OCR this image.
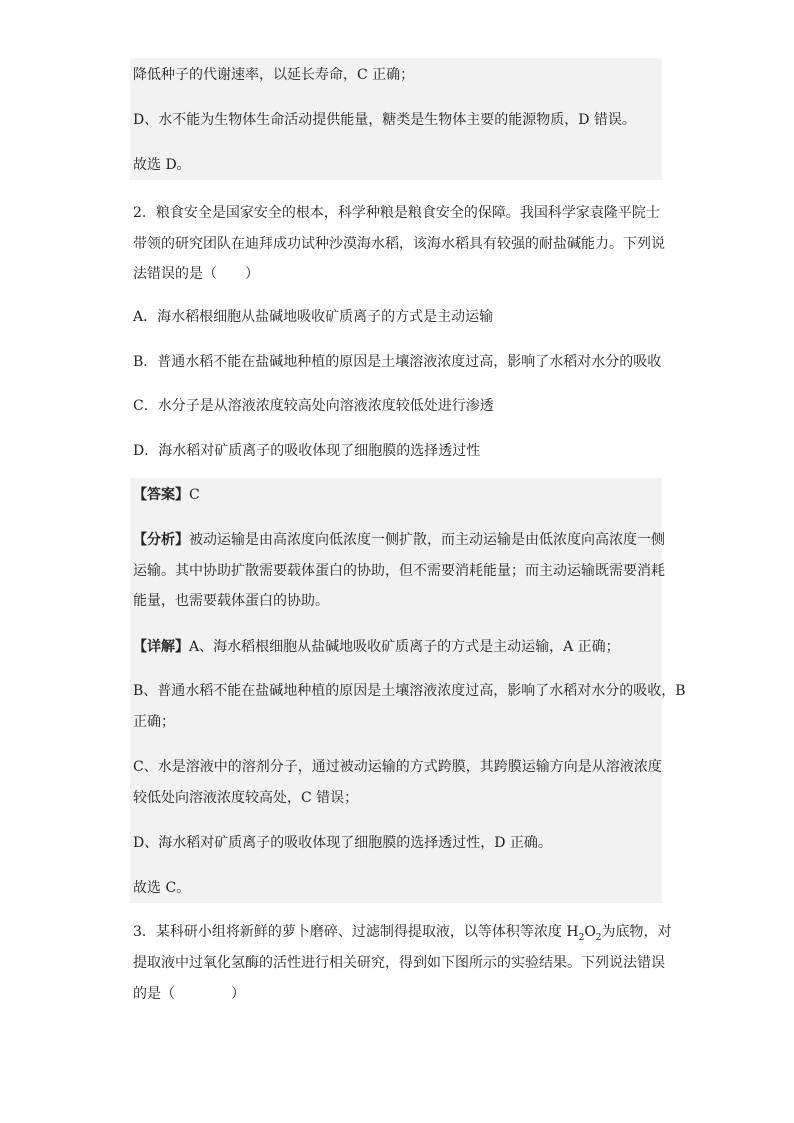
降低种子的代谢速率，以延长寿命，C 正确；
D、水不能为生物体生命活动提供能量，糖类是生物体主要的能源物质，D 错误。
故选 D。
2．粮食安全是国家安全的根本，科学种粮是粮食安全的保障。我国科学家袁隆平院士
带领的研究团队在迪拜成功试种沙漠海水稻，该海水稻具有较强的耐盐碱能力。下列说
法错误的是（　　）
A．海水稻根细胞从盐碱地吸收矿质离子的方式是主动运输
B．普通水稻不能在盐碱地种植的原因是土壤溶液浓度过高，影响了水稻对水分的吸收
C．水分子是从溶液浓度较高处向溶液浓度较低处进行渗透
D．海水稻对矿质离子的吸收体现了细胞膜的选择透过性
【答案】C
【分析】被动运输是由高浓度向低浓度一侧扩散，而主动运输是由低浓度向高浓度一侧
运输。其中协助扩散需要载体蛋白的协助，但不需要消耗能量；而主动运输既需要消耗
能量，也需要载体蛋白的协助。
【详解】A、海水稻根细胞从盐碱地吸收矿质离子的方式是主动运输，A 正确；
B、普通水稻不能在盐碱地种植的原因是土壤溶液浓度过高，影响了水稻对水分的吸收，B
正确；
C、水是溶液中的溶剂分子，通过被动运输的方式跨膜，其跨膜运输方向是从溶液浓度
较低处向溶液浓度较高处，C 错误；
D、海水稻对矿质离子的吸收体现了细胞膜的选择透过性，D 正确。
故选 C。
3．某科研小组将新鲜的萝卜磨碎、过滤制得提取液，以等体积等浓度 $H_2O_2$为底物，对
提取液中过氧化氢酶的活性进行相关研究，得到如下图所示的实验结果。下列说法错误
的是（　　　　）
